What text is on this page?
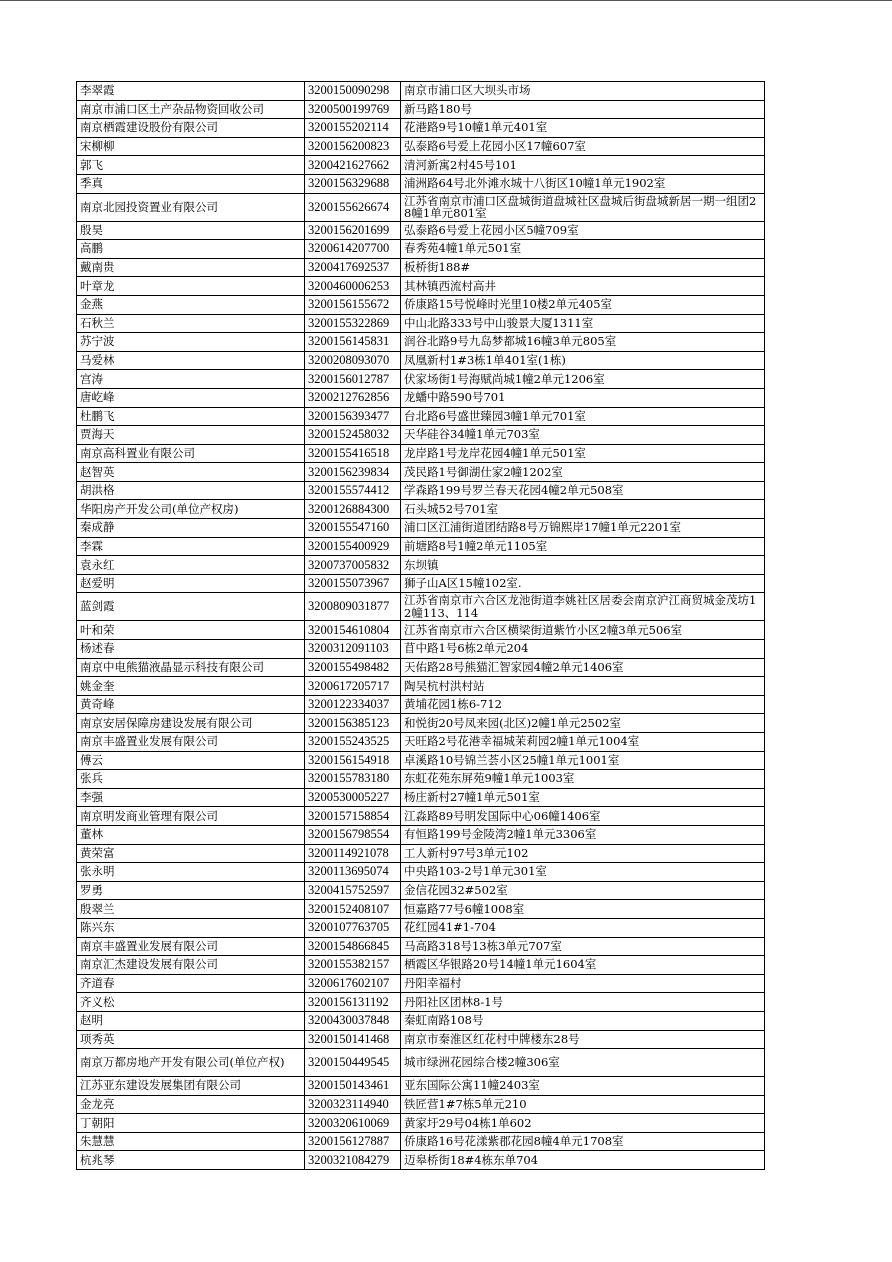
李翠霞	3200150090298	南京市浦口区大坝头市场
南京市浦口区土产杂品物资回收公司	3200500199769	新马路180号
南京栖霞建设股份有限公司	3200155202114	花港路9号10幢1单元401室
宋柳柳	3200156200823	弘泰路6号爱上花园小区17幢607室
郭飞	3200421627662	清河新寓2村45号101
季真	3200156329688	浦洲路64号北外滩水城十八街区10幢1单元1902室
南京北园投资置业有限公司	3200155626674	江苏省南京市浦口区盘城街道盘城社区盘城后街盘城新居一期一组团28幢1单元801室
殷昊	3200156201699	弘泰路6号爱上花园小区5幢709室
高鹏	3200614207700	春秀苑4幢1单元501室
戴南贵	3200417692537	板桥街188#
叶章龙	3200460006253	其林镇西流村高井
金燕	3200156155672	侨康路15号悦峰时光里10楼2单元405室
石秋兰	3200155322869	中山北路333号中山骏景大厦1311室
苏宁波	3200156145831	润谷北路9号九岛梦都城16幢3单元805室
马爱林	3200208093070	凤凰新村1#3栋1单401室(1栋)
宫涛	3200156012787	伏家场街1号海赋尚城1幢2单元1206室
唐屹峰	3200212762856	龙蟠中路590号701
杜鹏飞	3200156393477	台北路6号盛世臻园3幢1单元701室
贾海天	3200152458032	天华硅谷34幢1单元703室
南京高科置业有限公司	3200155416518	龙岸路1号龙岸花园4幢1单元501室
赵智英	3200156239834	茂民路1号御湖仕家2幢1202室
胡洪格	3200155574412	学森路199号罗兰春天花园4幢2单元508室
华阳房产开发公司(单位产权房)	3200126884300	石头城52号701室
秦成静	3200155547160	浦口区江浦街道团结路8号万锦熙岸17幢1单元2201室
李霖	3200155400929	前塘路8号1幢2单元1105室
袁永红	3200737005832	东坝镇
赵爱明	3200155073967	狮子山A区15幢102室.
蓝剑霞	3200809031877	江苏省南京市六合区龙池街道李姚社区居委会南京沪江商贸城金茂坊12幢113、114
叶和荣	3200154610804	江苏省南京市六合区横梁街道紫竹小区2幢3单元506室
杨述春	3200312091103	苜中路1号6栋2单元204
南京中电熊猫液晶显示科技有限公司	3200155498482	天佑路28号熊猫汇智家园4幢2单元1406室
姚金奎	3200617205717	陶吴杭村洪村站
黄奇峰	3200122334037	黄埔花园1栋6-712
南京安居保障房建设发展有限公司	3200156385123	和悦街20号凤来园(北区)2幢1单元2502室
南京丰盛置业发展有限公司	3200155243525	天旺路2号花港幸福城茉莉园2幢1单元1004室
傅云	3200156154918	卓溪路10号锦兰荟小区25幢1单元1001室
张兵	3200155783180	东虹花苑东屏苑9幢1单元1003室
李强	3200530005227	杨庄新村27幢1单元501室
南京明发商业管理有限公司	3200157158854	江淼路89号明发国际中心06幢1406室
董林	3200156798554	有恒路199号金陵湾2幢1单元3306室
黄荣富	3200114921078	工人新村97号3单元102
张永明	3200113695074	中央路103-2号1单元301室
罗勇	3200415752597	金信花园32#502室
殷翠兰	3200152408107	恒嘉路77号6幢1008室
陈兴东	3200107763705	花红园41#1-704
南京丰盛置业发展有限公司	3200154866845	马高路318号13栋3单元707室
南京汇杰建设发展有限公司	3200155382157	栖霞区华银路20号14幢1单元1604室
齐道春	3200617602107	丹阳幸福村
齐义松	3200156131192	丹阳社区团林8-1号
赵明	3200430037848	秦虹南路108号
项秀英	3200150141468	南京市秦淮区红花村中牌楼东28号
南京万都房地产开发有限公司(单位产权)	3200150449545	城市绿洲花园综合楼2幢306室
江苏亚东建设发展集团有限公司	3200150143461	亚东国际公寓11幢2403室
金龙亮	3200323114940	铁匠营1#7栋5单元210
丁朝阳	3200320610069	黄家圩29号04栋1单602
朱慧慧	3200156127887	侨康路16号花漾紫郡花园8幢4单元1708室
杭兆琴	3200321084279	迈皋桥街18#4栋东单704
